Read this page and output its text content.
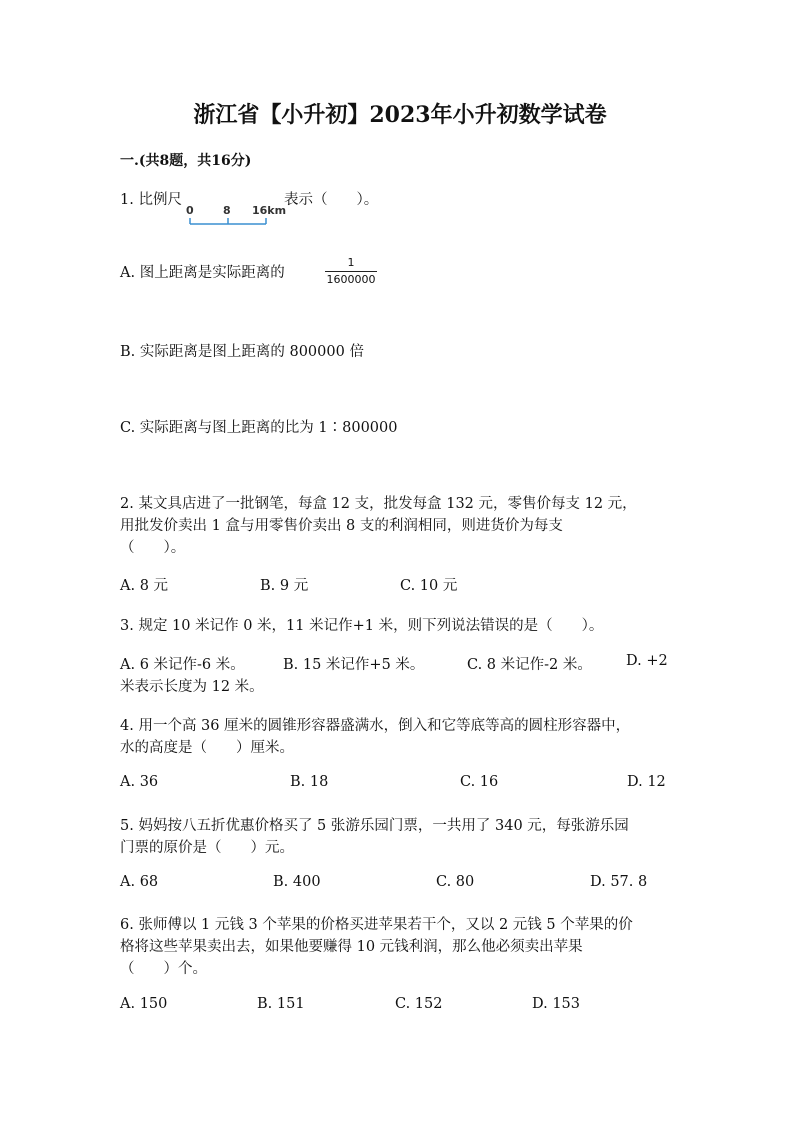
浙江省【小升初】2023年小升初数学试卷
一.(共8题，共16分)
1. 比例尺
0	8 16km
表示（　　）。
A. 图上距离是实际距离的
1
1600000
B. 实际距离是图上距离的 800000 倍
C. 实际距离与图上距离的比为 1∶800000
2. 某文具店进了一批钢笔，每盒 12 支，批发每盒 132 元，零售价每支 12 元，
用批发价卖出 1 盒与用零售价卖出 8 支的利润相同，则进货价为每支
（　　）。
A. 8 元	B. 9 元	C. 10 元
3. 规定 10 米记作 0 米，11 米记作+1 米，则下列说法错误的是（　　）。
A. 6 米记作-6 米。	B. 15 米记作+5 米。	C. 8 米记作-2 米。 D. +2
米表示长度为 12 米。
4. 用一个高 36 厘米的圆锥形容器盛满水，倒入和它等底等高的圆柱形容器中，
水的高度是（　　）厘米。
A. 36	B. 18	C. 16	D. 12
5. 妈妈按八五折优惠价格买了 5 张游乐园门票，一共用了 340 元，每张游乐园
门票的原价是（　　）元。
A. 68	B. 400	C. 80	D. 57. 8
6. 张师傅以 1 元钱 3 个苹果的价格买进苹果若干个，又以 2 元钱 5 个苹果的价
格将这些苹果卖出去，如果他要赚得 10 元钱利润，那么他必须卖出苹果
（　　）个。
A. 150	B. 151	C. 152	D. 153
